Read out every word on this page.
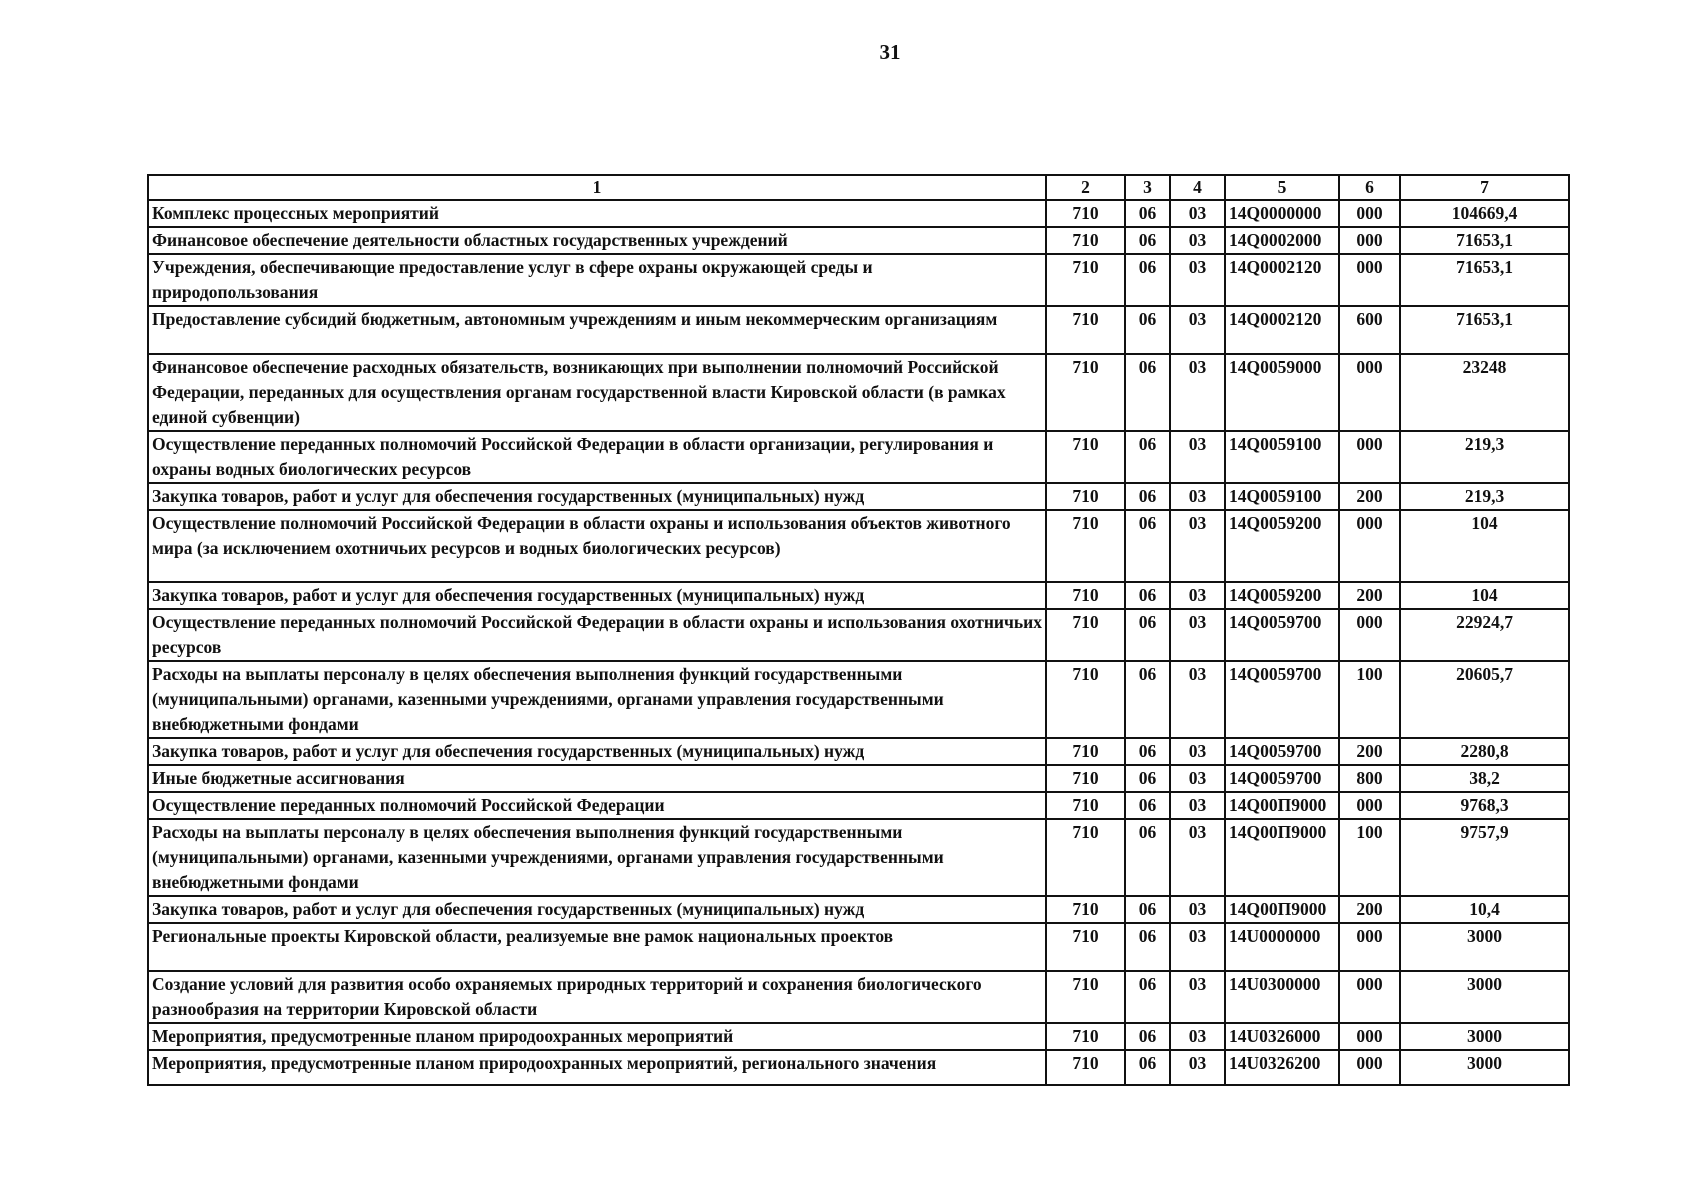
31
1	2	3	4	5	6	7
Комплекс процессных мероприятий	710	06	03	14Q0000000	000	104669,4
Финансовое обеспечение деятельности областных государственных учреждений	710	06	03	14Q0002000	000	71653,1
Учреждения, обеспечивающие предоставление услуг в сфере охраны окружающей среды и природопользования	710	06	03	14Q0002120	000	71653,1
Предоставление субсидий бюджетным, автономным учреждениям и иным некоммерческим организациям	710	06	03	14Q0002120	600	71653,1
Финансовое обеспечение расходных обязательств, возникающих при выполнении полномочий Российской Федерации, переданных для осуществления органам государственной власти Кировской области (в рамках единой субвенции)	710	06	03	14Q0059000	000	23248
Осуществление переданных полномочий Российской Федерации в области организации, регулирования и охраны водных биологических ресурсов	710	06	03	14Q0059100	000	219,3
Закупка товаров, работ и услуг для обеспечения государственных (муниципальных) нужд	710	06	03	14Q0059100	200	219,3
Осуществление полномочий Российской Федерации в области охраны и использования объектов животного мира (за исключением охотничьих ресурсов и водных биологических ресурсов)	710	06	03	14Q0059200	000	104
Закупка товаров, работ и услуг для обеспечения государственных (муниципальных) нужд	710	06	03	14Q0059200	200	104
Осуществление переданных полномочий Российской Федерации в области охраны и использования охотничьих ресурсов	710	06	03	14Q0059700	000	22924,7
Расходы на выплаты персоналу в целях обеспечения выполнения функций государственными (муниципальными) органами, казенными учреждениями, органами управления государственными внебюджетными фондами	710	06	03	14Q0059700	100	20605,7
Закупка товаров, работ и услуг для обеспечения государственных (муниципальных) нужд	710	06	03	14Q0059700	200	2280,8
Иные бюджетные ассигнования	710	06	03	14Q0059700	800	38,2
Осуществление переданных полномочий Российской Федерации	710	06	03	14Q00П9000	000	9768,3
Расходы на выплаты персоналу в целях обеспечения выполнения функций государственными (муниципальными) органами, казенными учреждениями, органами управления государственными внебюджетными фондами	710	06	03	14Q00П9000	100	9757,9
Закупка товаров, работ и услуг для обеспечения государственных (муниципальных) нужд	710	06	03	14Q00П9000	200	10,4
Региональные проекты Кировской области, реализуемые вне рамок национальных проектов	710	06	03	14U0000000	000	3000
Создание условий для развития особо охраняемых природных территорий и сохранения биологического разнообразия на территории Кировской области	710	06	03	14U0300000	000	3000
Мероприятия, предусмотренные планом природоохранных мероприятий	710	06	03	14U0326000	000	3000
Мероприятия, предусмотренные планом природоохранных мероприятий, регионального значения	710	06	03	14U0326200	000	3000
